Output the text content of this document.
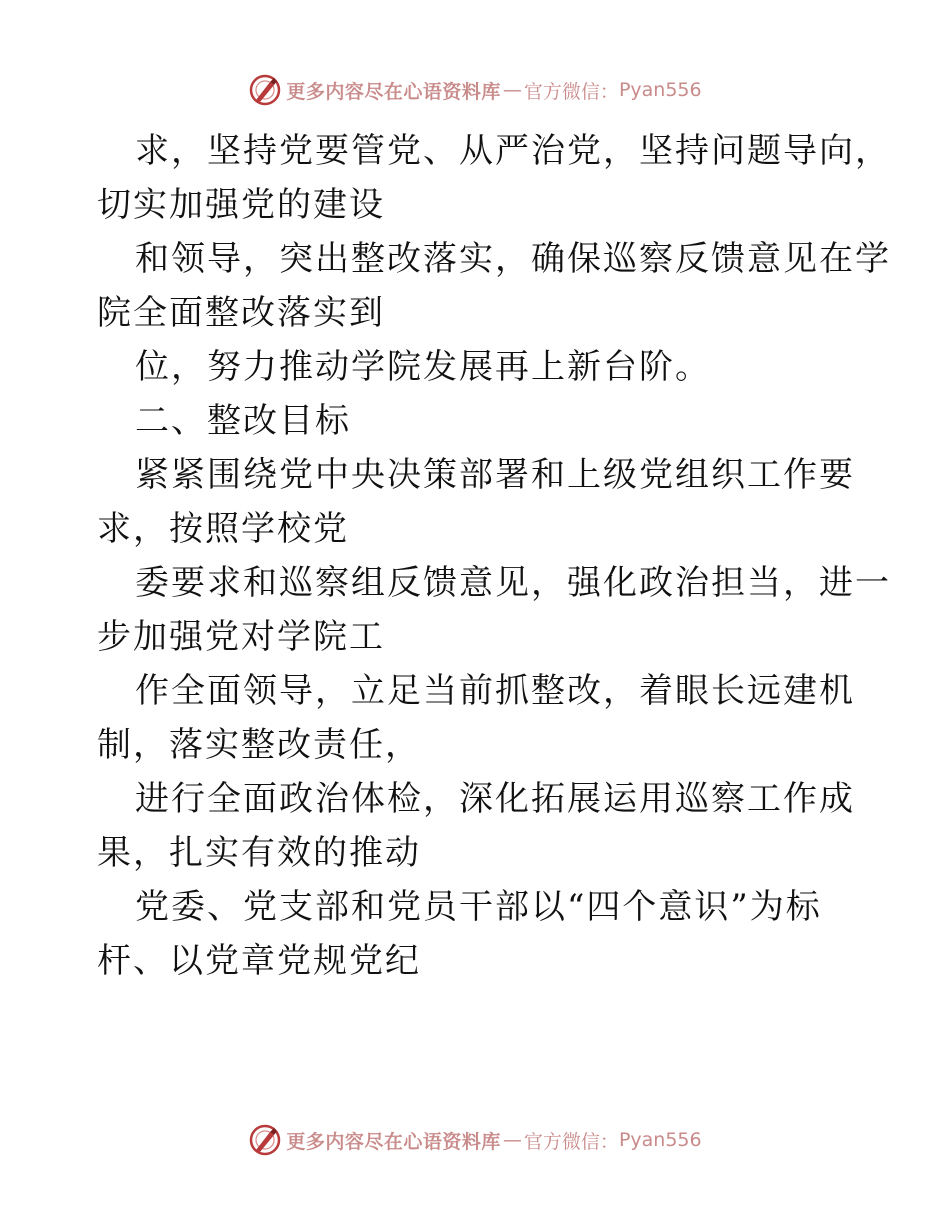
更多内容尽在心语资料库 — 官方微信： Pyan556
求，坚持党要管党、从严治党，坚持问题导向，
切实加强党的建设
和领导，突出整改落实，确保巡察反馈意见在学
院全面整改落实到
位，努力推动学院发展再上新台阶。
二、整改目标
紧紧围绕党中央决策部署和上级党组织工作要
求，按照学校党
委要求和巡察组反馈意见，强化政治担当，进一
步加强党对学院工
作全面领导，立足当前抓整改，着眼长远建机
制，落实整改责任，
进行全面政治体检，深化拓展运用巡察工作成
果，扎实有效的推动
党委、党支部和党员干部以“四个意识”为标
杆、以党章党规党纪
更多内容尽在心语资料库 — 官方微信： Pyan556
